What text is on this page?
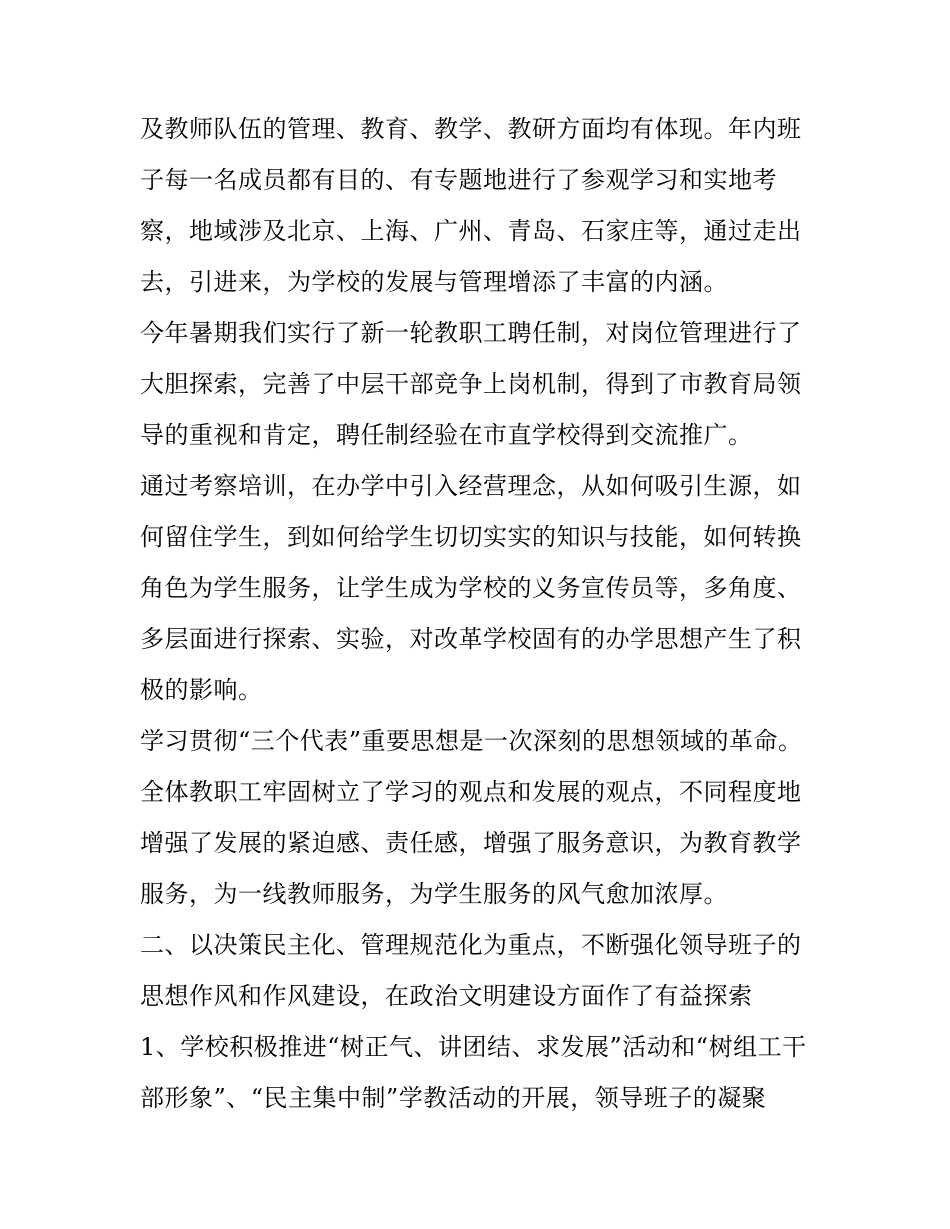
及教师队伍的管理、教育、教学、教研方面均有体现。年内班
子每一名成员都有目的、有专题地进行了参观学习和实地考
察，地域涉及北京、上海、广州、青岛、石家庄等，通过走出
去，引进来，为学校的发展与管理增添了丰富的内涵。
今年暑期我们实行了新一轮教职工聘任制，对岗位管理进行了
大胆探索，完善了中层干部竞争上岗机制，得到了市教育局领
导的重视和肯定，聘任制经验在市直学校得到交流推广。
通过考察培训，在办学中引入经营理念，从如何吸引生源，如
何留住学生，到如何给学生切切实实的知识与技能，如何转换
角色为学生服务，让学生成为学校的义务宣传员等，多角度、
多层面进行探索、实验，对改革学校固有的办学思想产生了积
极的影响。
学习贯彻“三个代表”重要思想是一次深刻的思想领域的革命。
全体教职工牢固树立了学习的观点和发展的观点，不同程度地
增强了发展的紧迫感、责任感，增强了服务意识，为教育教学
服务，为一线教师服务，为学生服务的风气愈加浓厚。
二、以决策民主化、管理规范化为重点，不断强化领导班子的
思想作风和作风建设，在政治文明建设方面作了有益探索
1、学校积极推进“树正气、讲团结、求发展”活动和“树组工干
部形象”、“民主集中制”学教活动的开展，领导班子的凝聚
